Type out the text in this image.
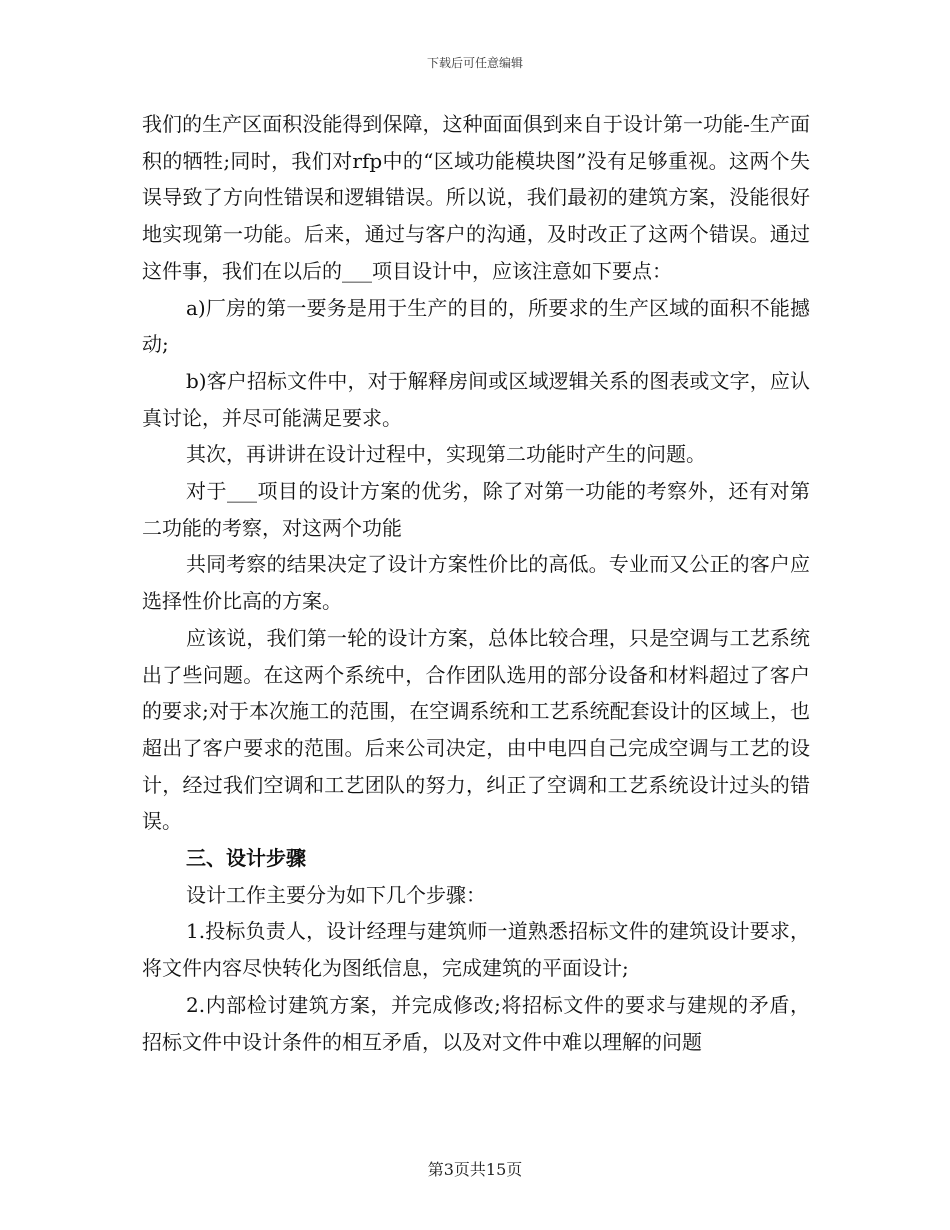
下载后可任意编辑

我们的生产区面积没能得到保障，这种面面俱到来自于设计第一功能-生产面积的牺牲;同时，我们对rfp中的“区域功能模块图”没有足够重视。这两个失误导致了方向性错误和逻辑错误。所以说，我们最初的建筑方案，没能很好地实现第一功能。后来，通过与客户的沟通，及时改正了这两个错误。通过这件事，我们在以后的___项目设计中，应该注意如下要点：

a)厂房的第一要务是用于生产的目的，所要求的生产区域的面积不能撼动;

b)客户招标文件中，对于解释房间或区域逻辑关系的图表或文字，应认真讨论，并尽可能满足要求。

其次，再讲讲在设计过程中，实现第二功能时产生的问题。

对于___项目的设计方案的优劣，除了对第一功能的考察外，还有对第二功能的考察，对这两个功能

共同考察的结果决定了设计方案性价比的高低。专业而又公正的客户应选择性价比高的方案。

应该说，我们第一轮的设计方案，总体比较合理，只是空调与工艺系统出了些问题。在这两个系统中，合作团队选用的部分设备和材料超过了客户的要求;对于本次施工的范围，在空调系统和工艺系统配套设计的区域上，也超出了客户要求的范围。后来公司决定，由中电四自己完成空调与工艺的设计，经过我们空调和工艺团队的努力，纠正了空调和工艺系统设计过头的错误。

三、设计步骤

设计工作主要分为如下几个步骤：

1.投标负责人，设计经理与建筑师一道熟悉招标文件的建筑设计要求，将文件内容尽快转化为图纸信息，完成建筑的平面设计;

2.内部检讨建筑方案，并完成修改;将招标文件的要求与建规的矛盾，招标文件中设计条件的相互矛盾，以及对文件中难以理解的问题

第3页共15页
